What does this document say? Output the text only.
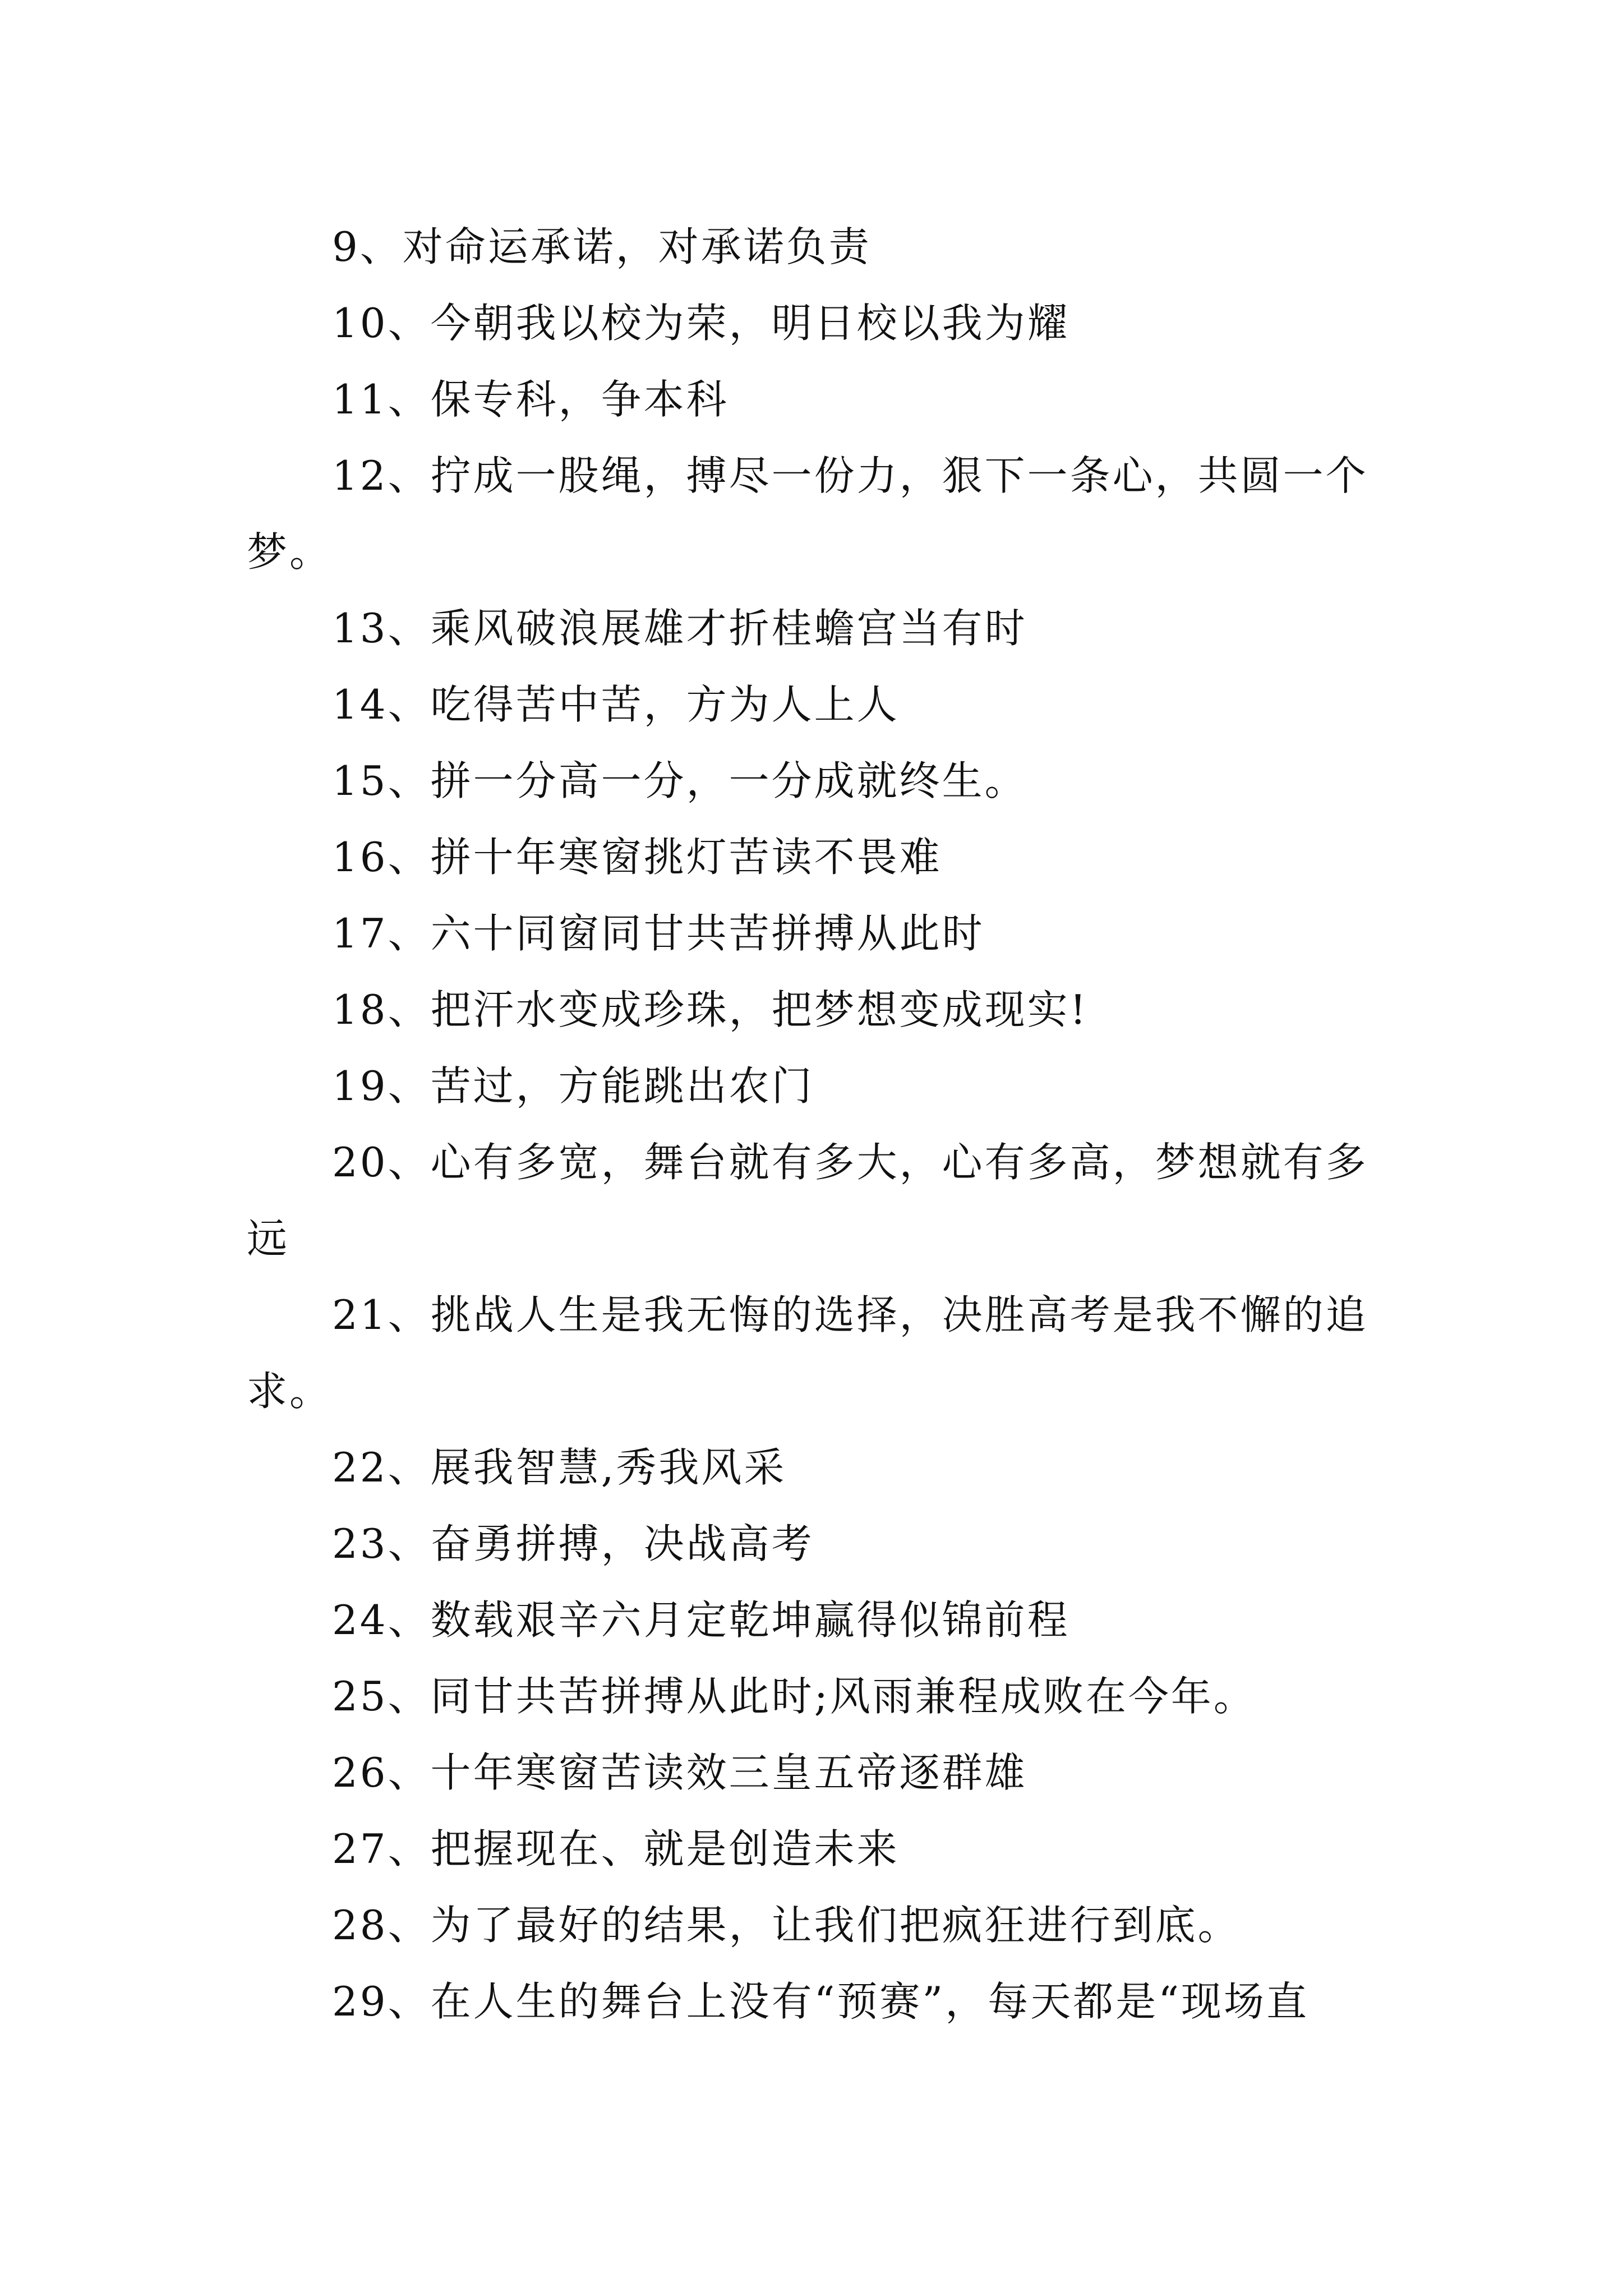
9、对命运承诺，对承诺负责

10、今朝我以校为荣，明日校以我为耀

11、保专科，争本科

12、拧成一股绳，搏尽一份力，狠下一条心，共圆一个梦。

13、乘风破浪展雄才折桂蟾宫当有时

14、吃得苦中苦，方为人上人

15、拼一分高一分，一分成就终生。

16、拼十年寒窗挑灯苦读不畏难

17、六十同窗同甘共苦拼搏从此时

18、把汗水变成珍珠，把梦想变成现实!

19、苦过，方能跳出农门

20、心有多宽，舞台就有多大，心有多高，梦想就有多远

21、挑战人生是我无悔的选择，决胜高考是我不懈的追求。

22、展我智慧,秀我风采

23、奋勇拼搏，决战高考

24、数载艰辛六月定乾坤赢得似锦前程

25、同甘共苦拼搏从此时;风雨兼程成败在今年。

26、十年寒窗苦读效三皇五帝逐群雄

27、把握现在、就是创造未来

28、为了最好的结果，让我们把疯狂进行到底。

29、在人生的舞台上没有“预赛”，每天都是“现场直
